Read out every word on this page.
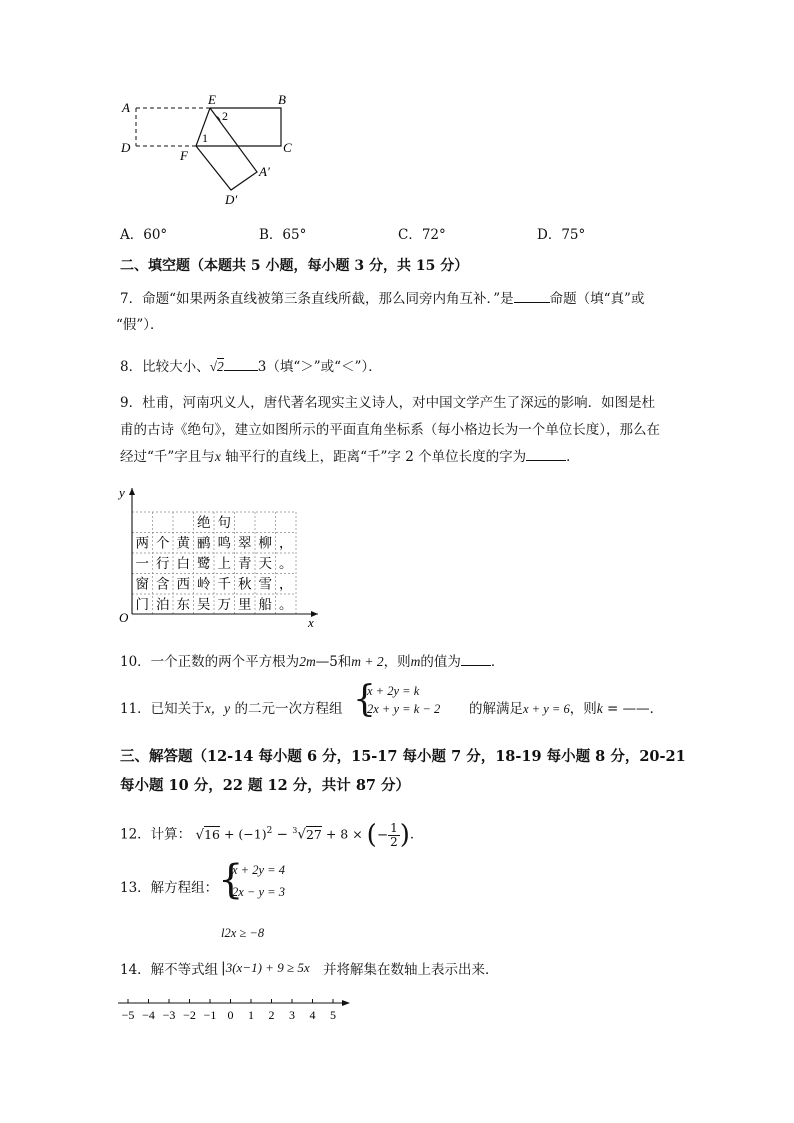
A
E	B
D
F
C
A′
D′
1
2
A．60°	B．65°	C．72°	D．75°
二、填空题（本题共 5 小题，每小题 3 分，共 15 分）
7．命题“如果两条直线被第三条直线所截，那么同旁内角互补．”是	命题（填“真”或
“假”）．
8．比较大小、√2	3（填“＞”或“＜”）．
9．杜甫，河南巩义人，唐代著名现实主义诗人，对中国文学产生了深远的影响．如图是杜
甫的古诗《绝句》，建立如图所示的平面直角坐标系（每小格边长为一个单位长度），那么在
经过“千”字且与x 轴平行的直线上，距离“千”字 2 个单位长度的字为	．
y
x
O
绝 句
两 个 黄 鹂 鸣 翠 柳 ，
一 行 白 鹭 上 青 天 。
窗 含 西 岭 千 秋 雪 ，
门 泊 东 吴 万 里 船 。
10．一个正数的两个平方根为2m—5和m + 2，则m的值为 ．
11．已知关于x，y 的二元一次方程组 {
x + 2y = k
2x + y = k − 2 的解满足x + y = 6，则k = ——．
三、解答题（12-14 每小题 6 分，15-17 每小题 7 分，18-19 每小题 8 分，20-21
每小题 10 分，22 题 12 分，共计 87 分）
12．计算： $√16 + (-1)^2 - ^3√27 + 8$ × (− $\frac{1}{2}$ )．
13．解方程组： {
x + 2y = 4
2x − y = 3
l2x ≥ −8
14．解不等式组 |3(x−1) + 9 ≥ 5x 并将解集在数轴上表示出来．
−5 −4 −3 −2 −1 0 1 2 3 4 5
